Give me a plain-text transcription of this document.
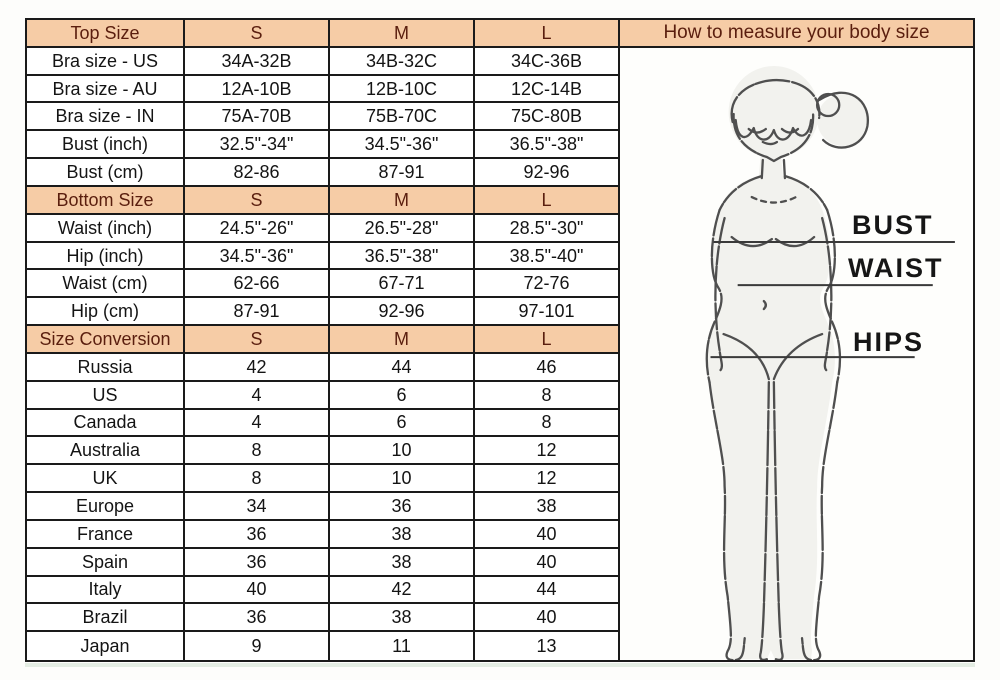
Top Size	S	M	L
Bra size - US	34A-32B	34B-32C	34C-36B
Bra size - AU	12A-10B	12B-10C	12C-14B
Bra size - IN	75A-70B	75B-70C	75C-80B
Bust (inch)	32.5"-34"	34.5"-36"	36.5"-38"
Bust (cm)	82-86	87-91	92-96
Bottom Size	S	M	L
Waist (inch)	24.5"-26"	26.5"-28"	28.5"-30"
Hip (inch)	34.5"-36"	36.5"-38"	38.5"-40"
Waist (cm)	62-66	67-71	72-76
Hip (cm)	87-91	92-96	97-101
Size Conversion	S	M	L
Russia	42	44	46
US	4	6	8
Canada	4	6	8
Australia	8	10	12
UK	8	10	12
Europe	34	36	38
France	36	38	40
Spain	36	38	40
Italy	40	42	44
Brazil	36	38	40
Japan	9	11	13
How to measure your body size
BUST
WAIST
HIPS
